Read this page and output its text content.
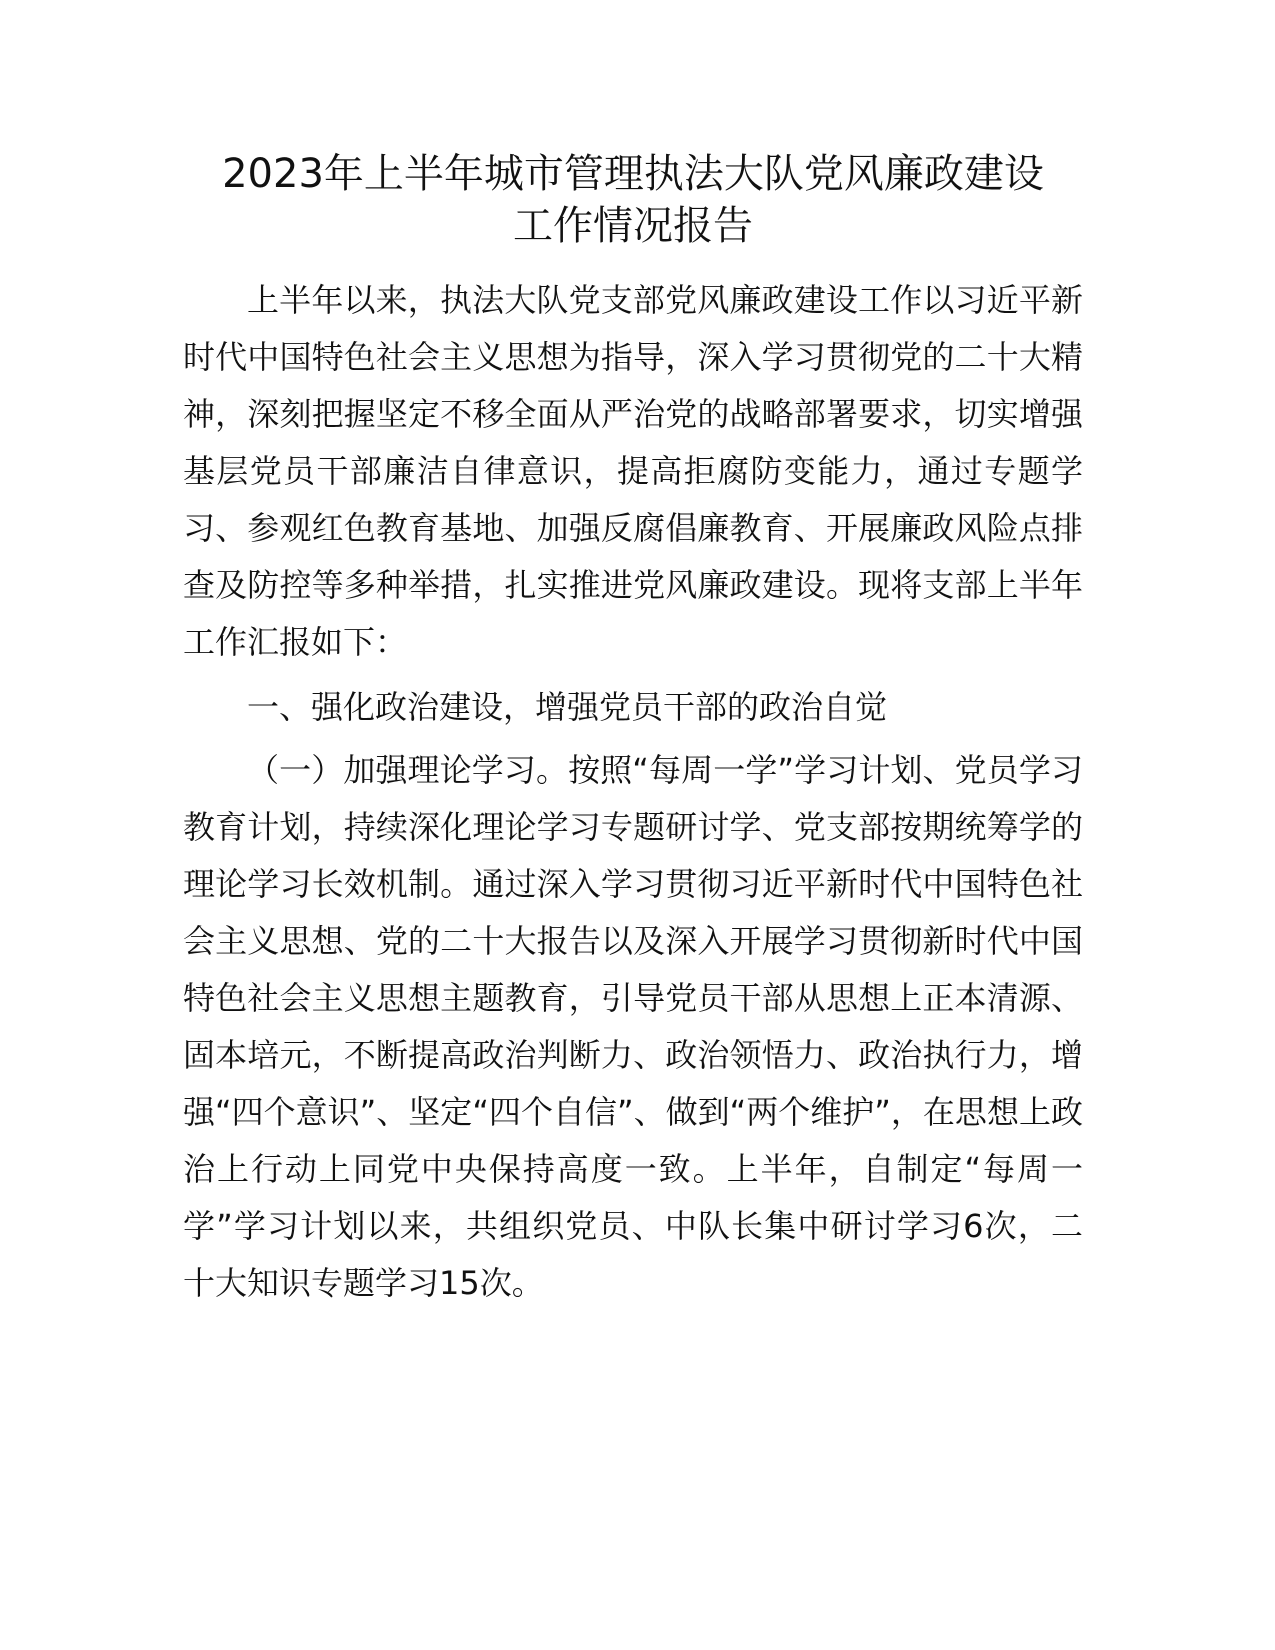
2023年上半年城市管理执法大队党风廉政建设
工作情况报告

上半年以来，执法大队党支部党风廉政建设工作以习近平新时代中国特色社会主义思想为指导，深入学习贯彻党的二十大精神，深刻把握坚定不移全面从严治党的战略部署要求，切实增强基层党员干部廉洁自律意识，提高拒腐防变能力，通过专题学习、参观红色教育基地、加强反腐倡廉教育、开展廉政风险点排查及防控等多种举措，扎实推进党风廉政建设。现将支部上半年工作汇报如下：

一、强化政治建设，增强党员干部的政治自觉

（一）加强理论学习。按照“每周一学”学习计划、党员学习教育计划，持续深化理论学习专题研讨学、党支部按期统筹学的理论学习长效机制。通过深入学习贯彻习近平新时代中国特色社会主义思想、党的二十大报告以及深入开展学习贯彻新时代中国特色社会主义思想主题教育，引导党员干部从思想上正本清源、固本培元，不断提高政治判断力、政治领悟力、政治执行力，增强“四个意识”、坚定“四个自信”、做到“两个维护”，在思想上政治上行动上同党中央保持高度一致。上半年，自制定“每周一学”学习计划以来，共组织党员、中队长集中研讨学习6次，二十大知识专题学习15次。
